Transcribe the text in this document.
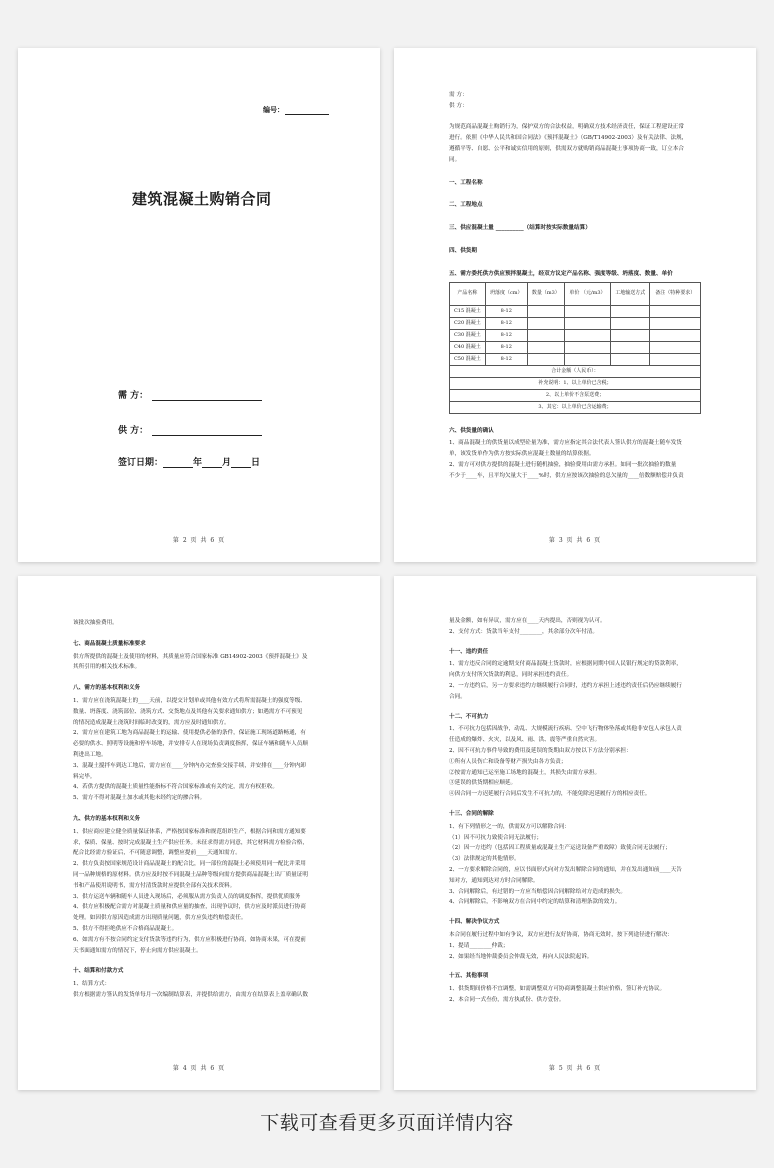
编号：
建筑混凝土购销合同
需 方：
供 方：
签订日期：	年 月 日
第 2 页 共 6 页

需 方：

供 方：

为规范商品混凝土购销行为，保护双方的合法权益，明确双方技术经济责任，保证工程建设正常

进行。依照《中华人民共和国合同法》《预拌混凝土》（GB/T14902-2003）及有关法律、法规，

遵循平等、自愿、公平和诚实信用的原则，供需双方就购销商品混凝土事项协商一致，订立本合

同。

一、工程名称

二、工程地点

三、供应混凝土量 __________（结算时按实际数量结算）

四、供货期

五、需方委托供方供应预拌混凝土，经双方议定产品名称、强度等级、坍落度、数量、单价

产品名称	坍落度（cm）	数量（m3）	单价 （元/m3）	工地输送方式	备注（特种要求）
C15 混凝土	8-12				
C20 混凝土	8-12				
C30 混凝土	8-12				
C40 混凝土	8-12				
C50 混凝土	8-12				
合计金额（人民币）：					
补充说明：1、以上单价已含税；					
2、以上单价不含泵送费；					
3、其它：以上单价已含运输费；					

六、供货量的确认

1、商品混凝土的供货量以成型砼量为准，需方应指定其合法代表人签认供方的混凝土随车发货

单，该发货单作为供方按实际供应混凝土数量的结算依据。

2、需方可对供方提供的混凝土进行随机抽验，抽验费用由需方承担。如同一批次抽验的数量

不少于____车，且平均欠量大于____%时，供方应按该次抽验的总欠量的____倍数额赔偿并负责

第 3 页 共 6 页

该批次抽验费用。

七、商品混凝土质量标准要求

供方所提供的混凝土及使用的材料，其质量应符合国家标准 GB14902-2003《预拌混凝土》及

其所引用的相关技术标准。

八、需方的基本权利和义务

1、需方应在浇筑混凝土的____天前，以提交计划单或其他有效方式将所需混凝土的强度等级、

数量、坍落度、浇筑部位、浇筑方式、交货地点及其他有关要求通知供方；如遇需方不可预见

的情况造成混凝土浇筑时间临时改变的，需方应及时通知供方。

2、需方应在建筑工地为商品混凝土的运输、使用提供必备的条件，保证施工现场道路畅通，有

必要的供水、照明等设施和停车场地，并安排专人在现场负责调度指挥，保证车辆和随车人员顺

利进出工地。

3、混凝土搅拌车到达工地后，需方应在____分钟内办完查验交接手续，并安排在____分钟内卸

料完毕。

4、若供方提供的混凝土质量性能指标不符合国家标准或有关约定，需方有权拒收。

5、需方不得对混凝土加水或其他未经约定的掺合料。

九、供方的基本权利和义务

1、供应商应建立健全质量保证体系，严格按国家标准和规范组织生产，根据合同和需方通知要

求，保质、保量、按时完成混凝土生产供应任务。未征求得需方同意，其它材料需方检验合格，

配合比经需方验证后，不可随意调整，调整应提前____天通知需方。

2、供方负责按国家规范设计商品混凝土的配合比，同一部位的混凝土必须使用同一配比并采用

同一品种规格的原材料。供方应及时按不同混凝土品种等级向需方提供商品混凝土出厂质量证明

书和产品使用说明书，需方付清货款时应提供全部有关技术资料。

3、供方运送车辆和随车人员进入现场后，必须服从需方负责人员的调度指挥，提供优质服务

4、供方应积极配合需方对混凝土质量和供应量的抽查，出现争议时，供方应及时派员进行协商

处理。如因供方原因造成需方出现质量问题，供方应负违约赔偿责任。

5、供方不得拒绝供应不合格商品混凝土。

6、如需方有不按合同约定支付货款等违约行为，供方应积极进行协商，如协商未果，可在提前

天书面通知需方的情况下，停止向需方供应混凝土。

十、结算和付款方式

1、结算方式：

供方根据需方签认的发货单每月一次编制结算表，并提供给需方，由需方在结算表上盖章确认数

第 4 页 共 6 页

量及金额，如有异议，需方应在____天内提出，否则视为认可。

2、支付方式：货款当年支付________，其余部分次年付清。

十一、违约责任

1、需方违反合同的定逾期支付商品混凝土货款时，应根据同期中国人民银行规定的贷款利率，

向供方支付所欠货款的利息，同时承担违约责任。

2、一方违约后，另一方要求违约方继续履行合同时，违约方承担上述违约责任后仍应继续履行

合同。

十二、不可抗力

1、不可抗力包括因战争，动乱、大规模流行疾病、空中飞行物体坠落或其他非安包人承包人责

任造成的爆炸、火灾，以及风、雨、洪、震等严重自然灾害。

2、因不可抗力事件导致的费用及延误的货期由双方按以下方法分别承担：

①所有人员伤亡和设备等财产损失由各方负责；

②按需方通知已运至施工场地的混凝土，其损失由需方承担。

③延误的供货期相应顺延。

④因合同一方迟延履行合同后发生不可抗力的，不能免除迟延履行方的相应责任。

十三、合同的解除

1、有下列情形之一的，供需双方可以解除合同：

（1）因不可抗力致使合同无法履行；

（2）因一方违约（包括因工程质量或混凝土生产运送设备严重故障）致使合同无法履行；

（3）法律规定的其他情形。

2、一方要求解除合同的，应以书面形式向对方发出解除合同的通知，并在发出通知前____天告

知对方，通知到达对方时合同解除。

3、合同解除后，有过错的一方应当赔偿因合同解除给对方造成的损失。

4、合同解除后，不影响双方在合同中约定的结算和清理条款的效力。

十四、解决争议方式

本合同在履行过程中如有争议，双方应进行友好协商，协商无效时，按下列途径进行解决：

1、提请________仲裁；

2、如果经当地仲裁委员会仲裁无效，再向人民法院起诉。

十五、其他事项

1、供货期间价格不宜调整，如需调整双方可协商调整混凝土供应价格，签订补充协议。

2、本合同一式叁份，需方执贰份、供方壹份。

第 5 页 共 6 页
下载可查看更多页面详情内容
